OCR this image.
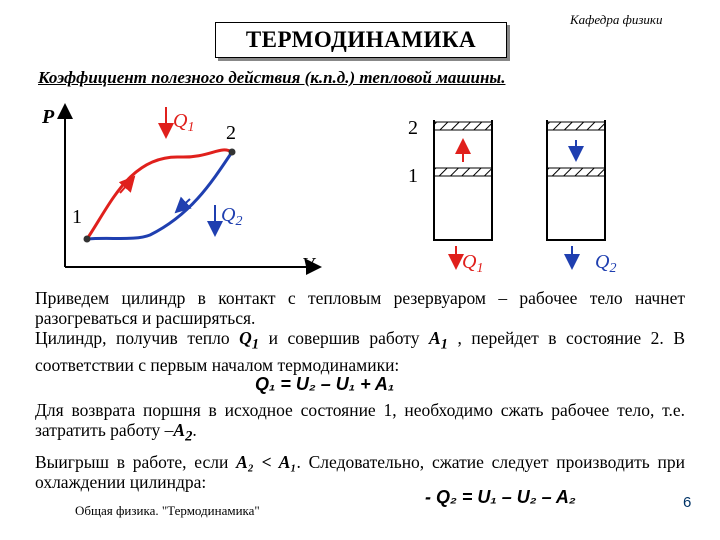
ТЕРМОДИНАМИКА
Кафедра физики
Коэффициент полезного действия (к.п.д.) тепловой машины.
P
V
1
2
$Q_1$
$Q_2$
2
1
$Q_1$	$Q_2$
Приведем цилиндр в контакт с тепловым резервуаром – рабочее тело начнет разогреваться и расширяться.
Цилиндр, получив тепло $Q_1$ и совершив работу $A_1$ , перейдет в состояние 2. В соответствии с первым началом термодинамики:
Q₁ = U₂ – U₁ + A₁
Для возврата поршня в исходное состояние 1, необходимо сжать рабочее тело, т.е. затратить работу $-A_2$.
Выигрыш в работе, если A₂ < A₁. Следовательно, сжатие следует производить при охлаждении цилиндра:
- Q₂ = U₁ – U₂ – A₂
Общая физика. "Термодинамика"	6
